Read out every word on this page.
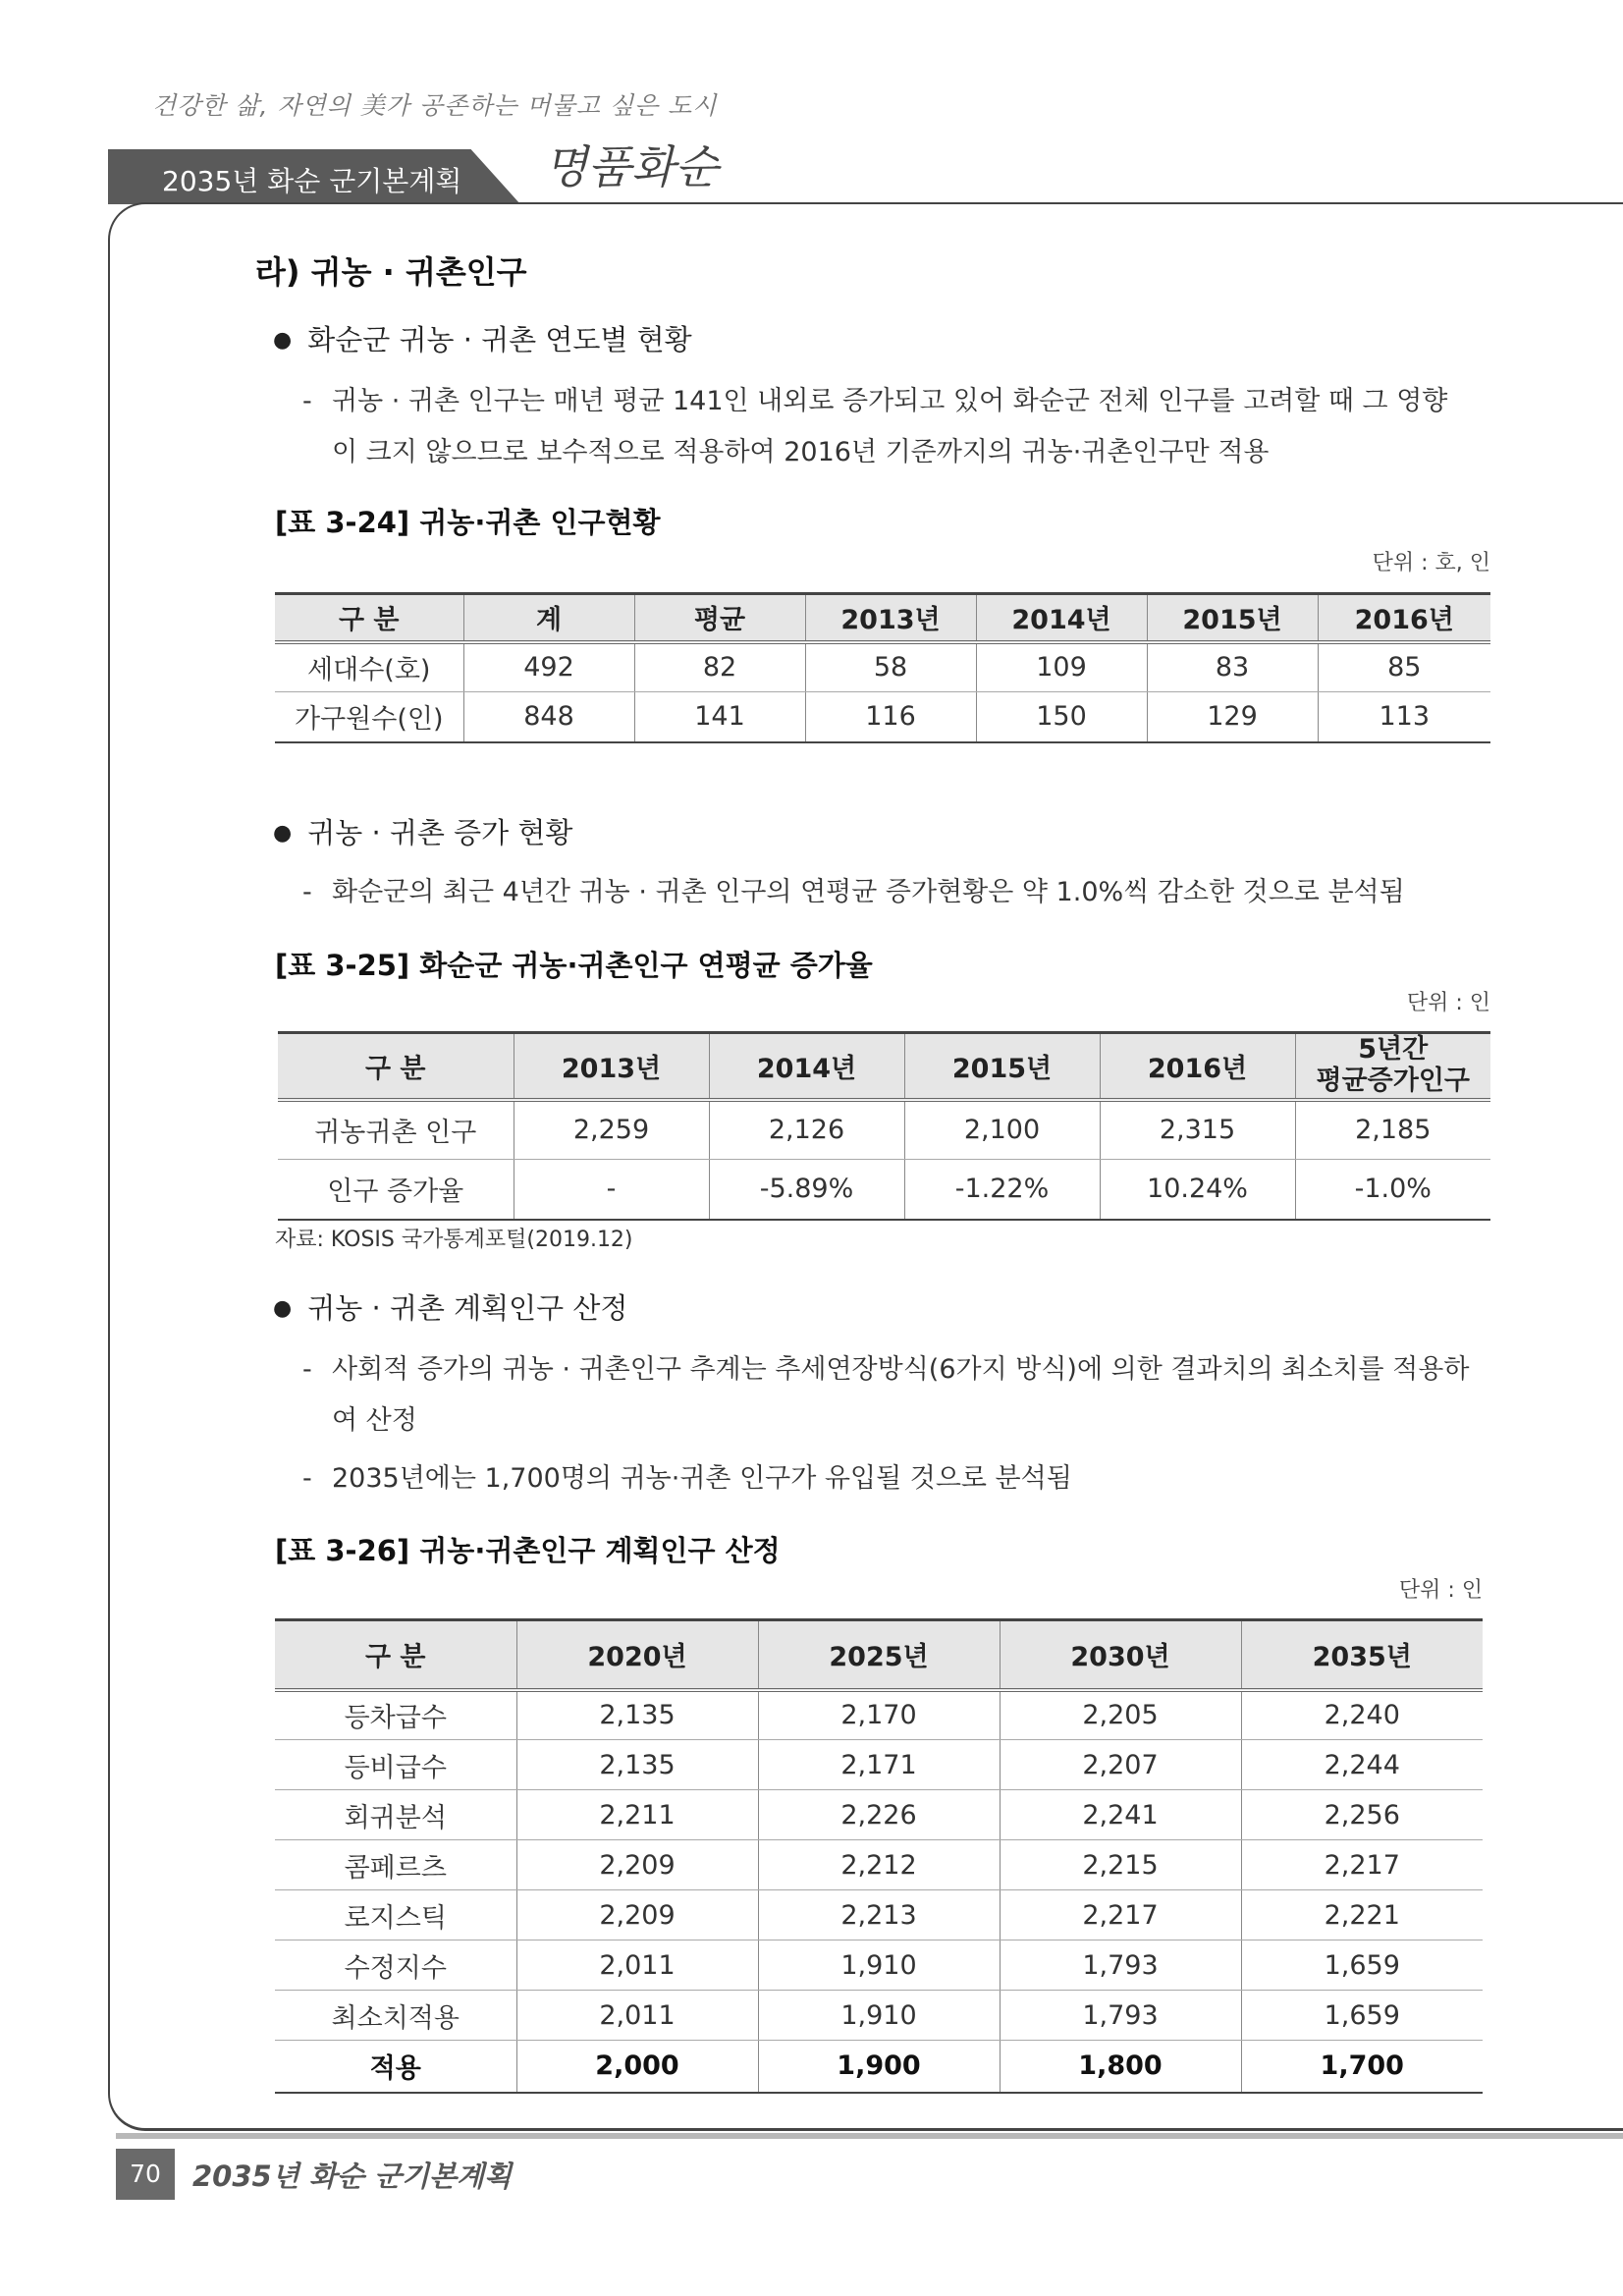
건강한 삶, 자연의 美가 공존하는 머물고 싶은 도시
2035년 화순 군기본계획 명품화순
라) 귀농 · 귀촌인구
● 화순군 귀농 · 귀촌 연도별 현황
- 귀농 · 귀촌 인구는 매년 평균 141인 내외로 증가되고 있어 화순군 전체 인구를 고려할 때 그 영향이 크지 않으므로 보수적으로 적용하여 2016년 기준까지의 귀농·귀촌인구만 적용
[표 3-24] 귀농·귀촌 인구현황
단위 : 호, 인
구 분	계	평균	2013년	2014년	2015년	2016년
세대수(호)	492	82	58	109	83	85
가구원수(인)	848	141	116	150	129	113
● 귀농 · 귀촌 증가 현황
- 화순군의 최근 4년간 귀농 · 귀촌 인구의 연평균 증가현황은 약 1.0%씩 감소한 것으로 분석됨
[표 3-25] 화순군 귀농·귀촌인구 연평균 증가율
단위 : 인
구 분	2013년	2014년	2015년	2016년	5년간
평균증가인구
귀농귀촌 인구	2,259	2,126	2,100	2,315	2,185
인구 증가율	-	-5.89%	-1.22%	10.24%	-1.0%
자료: KOSIS 국가통계포털(2019.12)
● 귀농 · 귀촌 계획인구 산정
- 사회적 증가의 귀농 · 귀촌인구 추계는 추세연장방식(6가지 방식)에 의한 결과치의 최소치를 적용하여 산정
- 2035년에는 1,700명의 귀농·귀촌 인구가 유입될 것으로 분석됨
[표 3-26] 귀농·귀촌인구 계획인구 산정
단위 : 인
구 분	2020년	2025년	2030년	2035년
등차급수	2,135	2,170	2,205	2,240
등비급수	2,135	2,171	2,207	2,244
회귀분석	2,211	2,226	2,241	2,256
콤페르츠	2,209	2,212	2,215	2,217
로지스틱	2,209	2,213	2,217	2,221
수정지수	2,011	1,910	1,793	1,659
최소치적용	2,011	1,910	1,793	1,659
적용	2,000	1,900	1,800	1,700
70	2035년 화순 군기본계획
